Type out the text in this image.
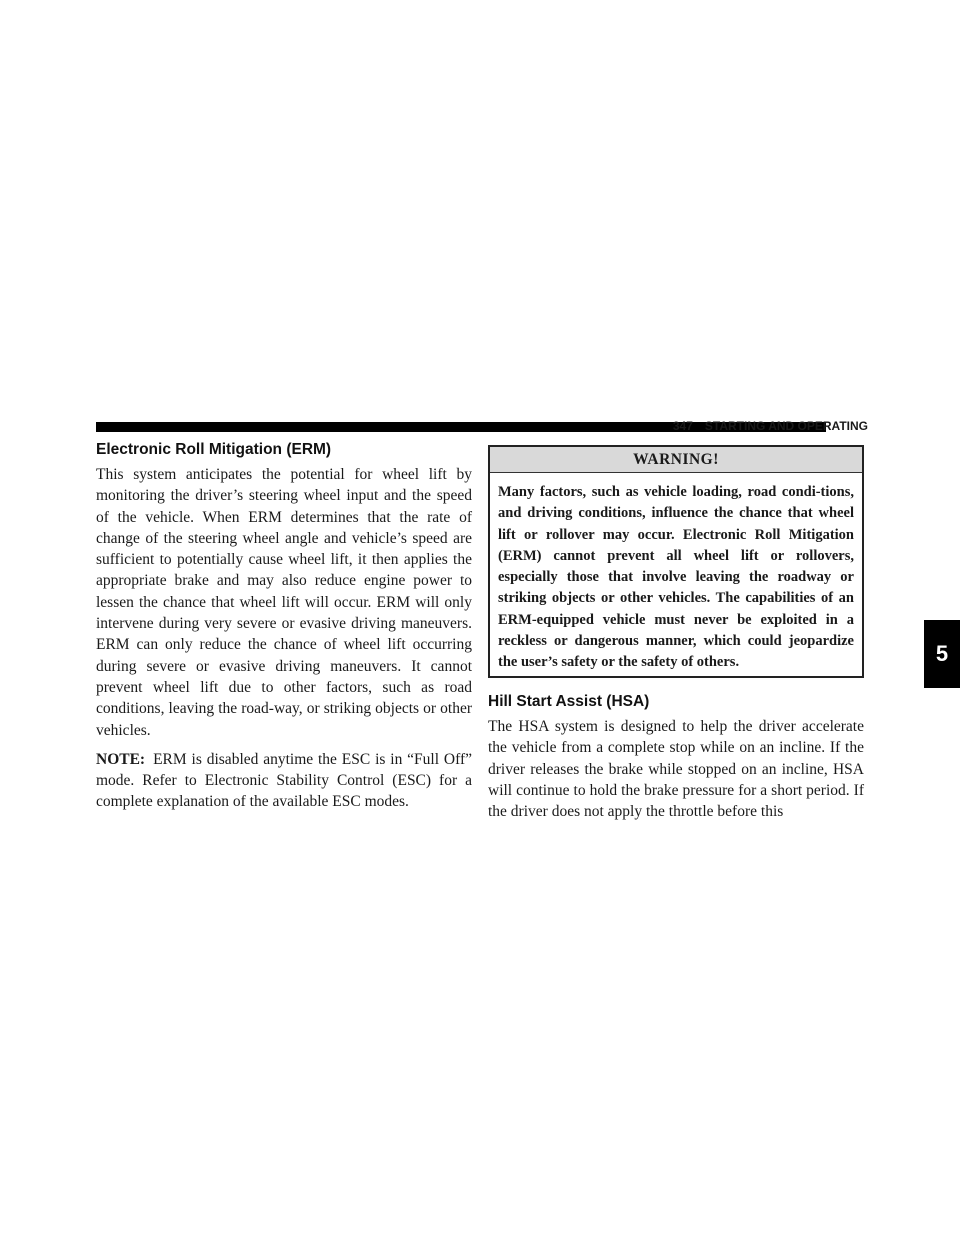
347 STARTING AND OPERATING
Electronic Roll Mitigation (ERM)

This system anticipates the potential for wheel lift by monitoring the driver’s steering wheel input and the speed of the vehicle. When ERM determines that the rate of change of the steering wheel angle and vehicle’s speed are sufficient to potentially cause wheel lift, it then applies the appropriate brake and may also reduce engine power to lessen the chance that wheel lift will occur. ERM will only intervene during very severe or evasive driving maneuvers. ERM can only reduce the chance of wheel lift occurring during severe or evasive driving maneuvers. It cannot prevent wheel lift due to other factors, such as road conditions, leaving the road-way, or striking objects or other vehicles.

NOTE: ERM is disabled anytime the ESC is in “Full Off” mode. Refer to Electronic Stability Control (ESC) for a complete explanation of the available ESC modes.

WARNING!
Many factors, such as vehicle loading, road condi-tions, and driving conditions, influence the chance that wheel lift or rollover may occur. Electronic Roll Mitigation (ERM) cannot prevent all wheel lift or rollovers, especially those that involve leaving the roadway or striking objects or other vehicles. The capabilities of an ERM-equipped vehicle must never be exploited in a reckless or dangerous manner, which could jeopardize the user’s safety or the safety of others.
Hill Start Assist (HSA)

The HSA system is designed to help the driver accelerate the vehicle from a complete stop while on an incline. If the driver releases the brake while stopped on an incline, HSA will continue to hold the brake pressure for a short period. If the driver does not apply the throttle before this

5
